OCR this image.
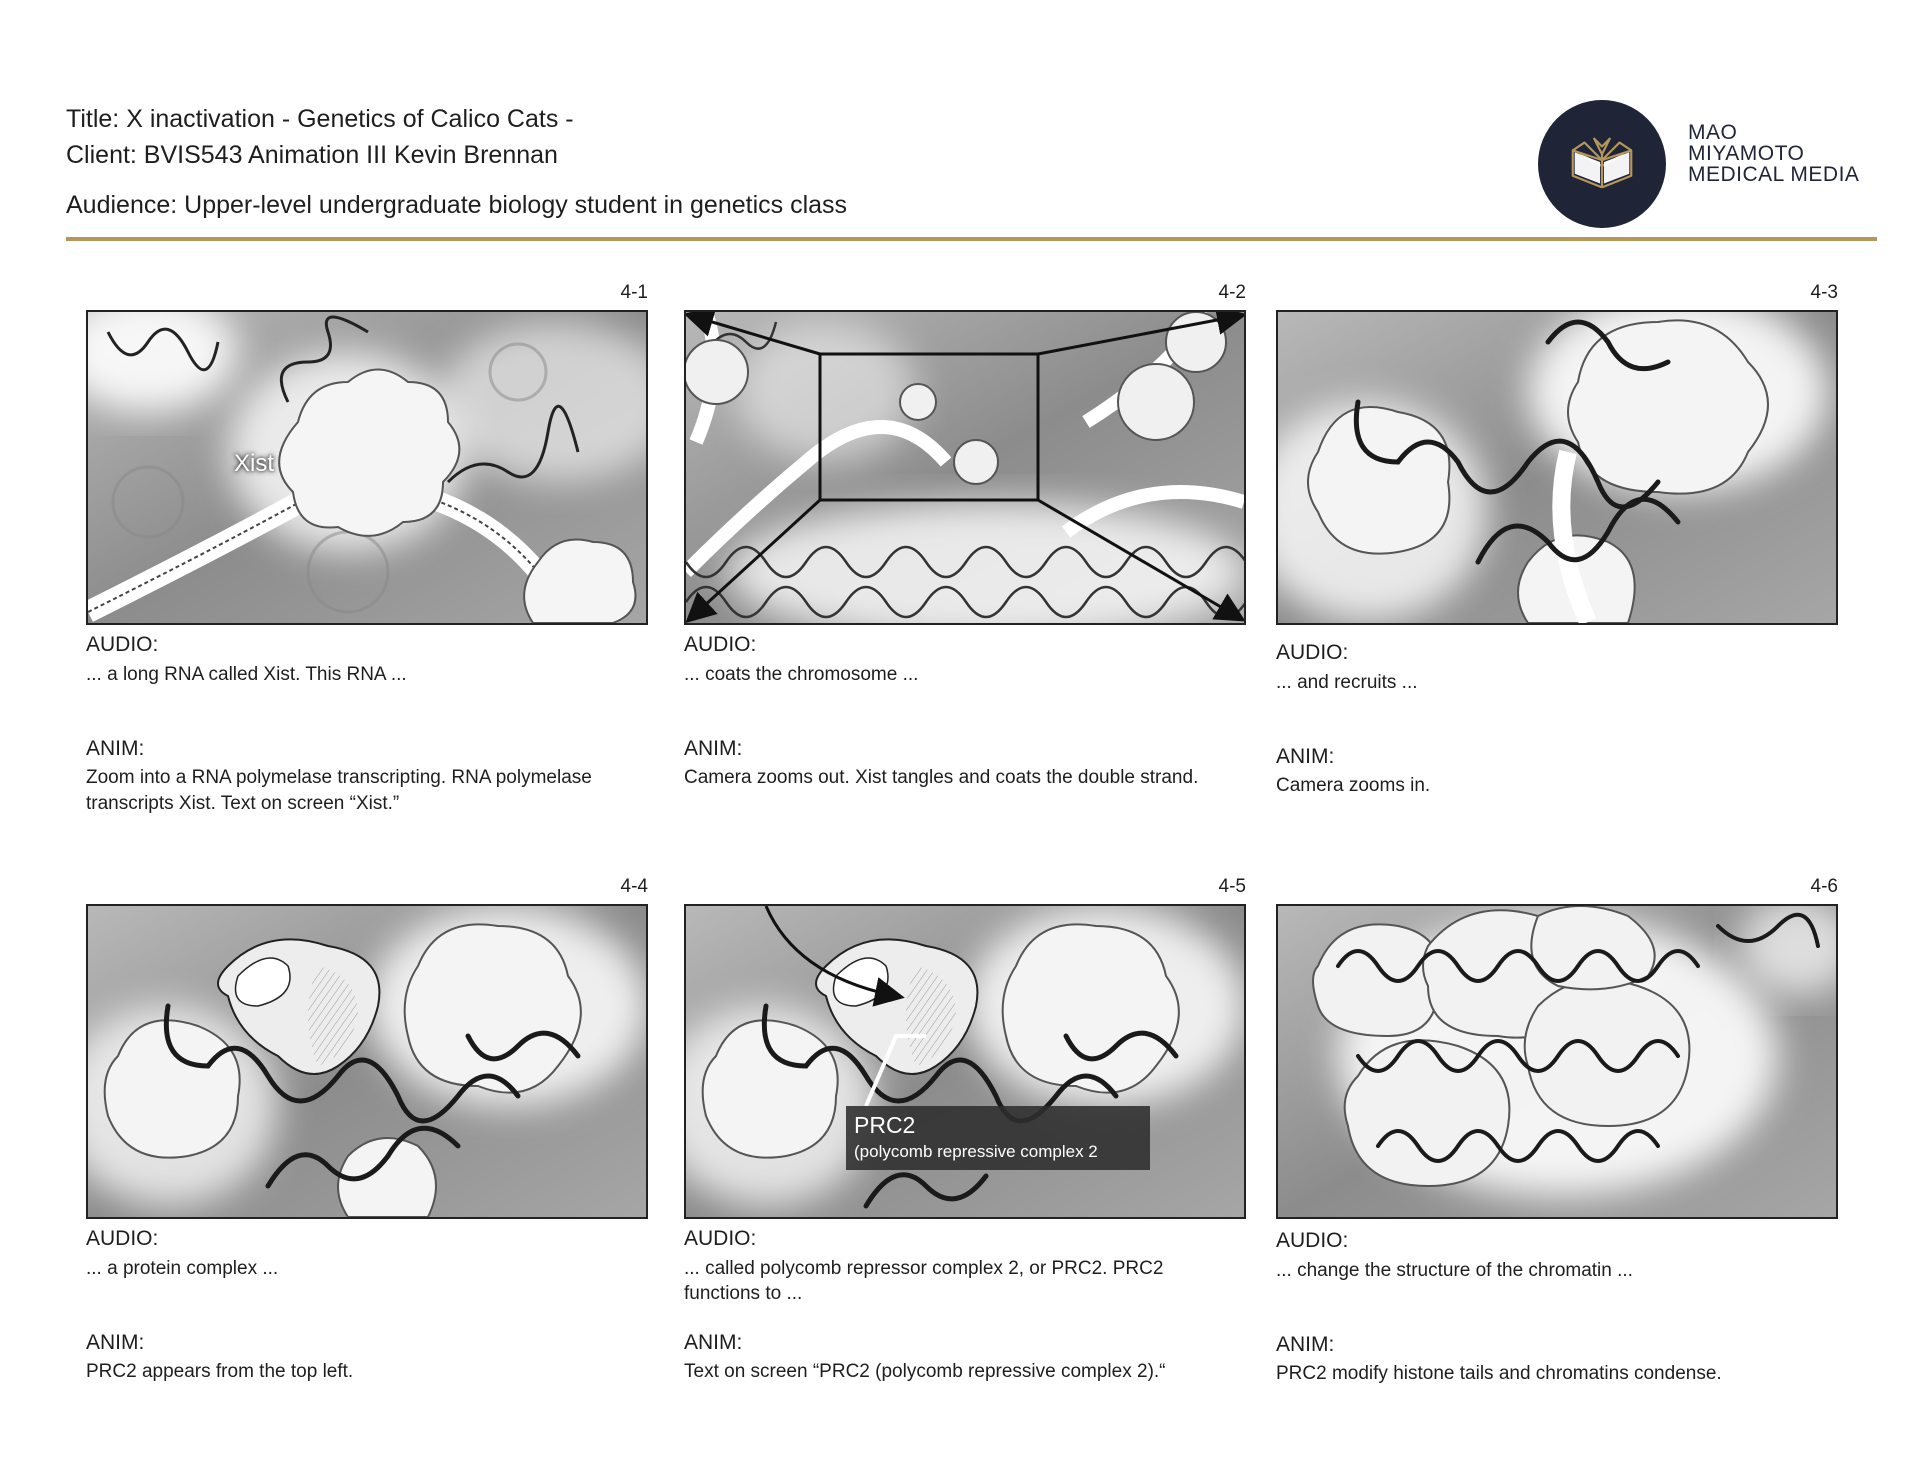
Title: X inactivation - Genetics of Calico Cats -
Client: BVIS543 Animation III Kevin Brennan
Audience: Upper-level undergraduate biology student in genetics class
MAO
MIYAMOTO
MEDICAL MEDIA
4-1
Xist
AUDIO:
... a long RNA called Xist. This RNA ...
ANIM:
Zoom into a RNA polymelase transcripting. RNA polymelase transcripts Xist. Text on screen “Xist.”
4-2
AUDIO:
... coats the chromosome ...
ANIM:
Camera zooms out. Xist tangles and coats the double strand.
4-3
AUDIO:
... and recruits ...
ANIM:
Camera zooms in.
4-4
AUDIO:
... a protein complex ...
ANIM:
PRC2 appears from the top left.
4-5
PRC2
(polycomb repressive complex 2
AUDIO:
... called polycomb repressor complex 2, or PRC2. PRC2 functions to ...
ANIM:
Text on screen “PRC2 (polycomb repressive complex 2).“
4-6
AUDIO:
... change the structure of the chromatin ...
ANIM:
PRC2 modify histone tails and chromatins condense.
